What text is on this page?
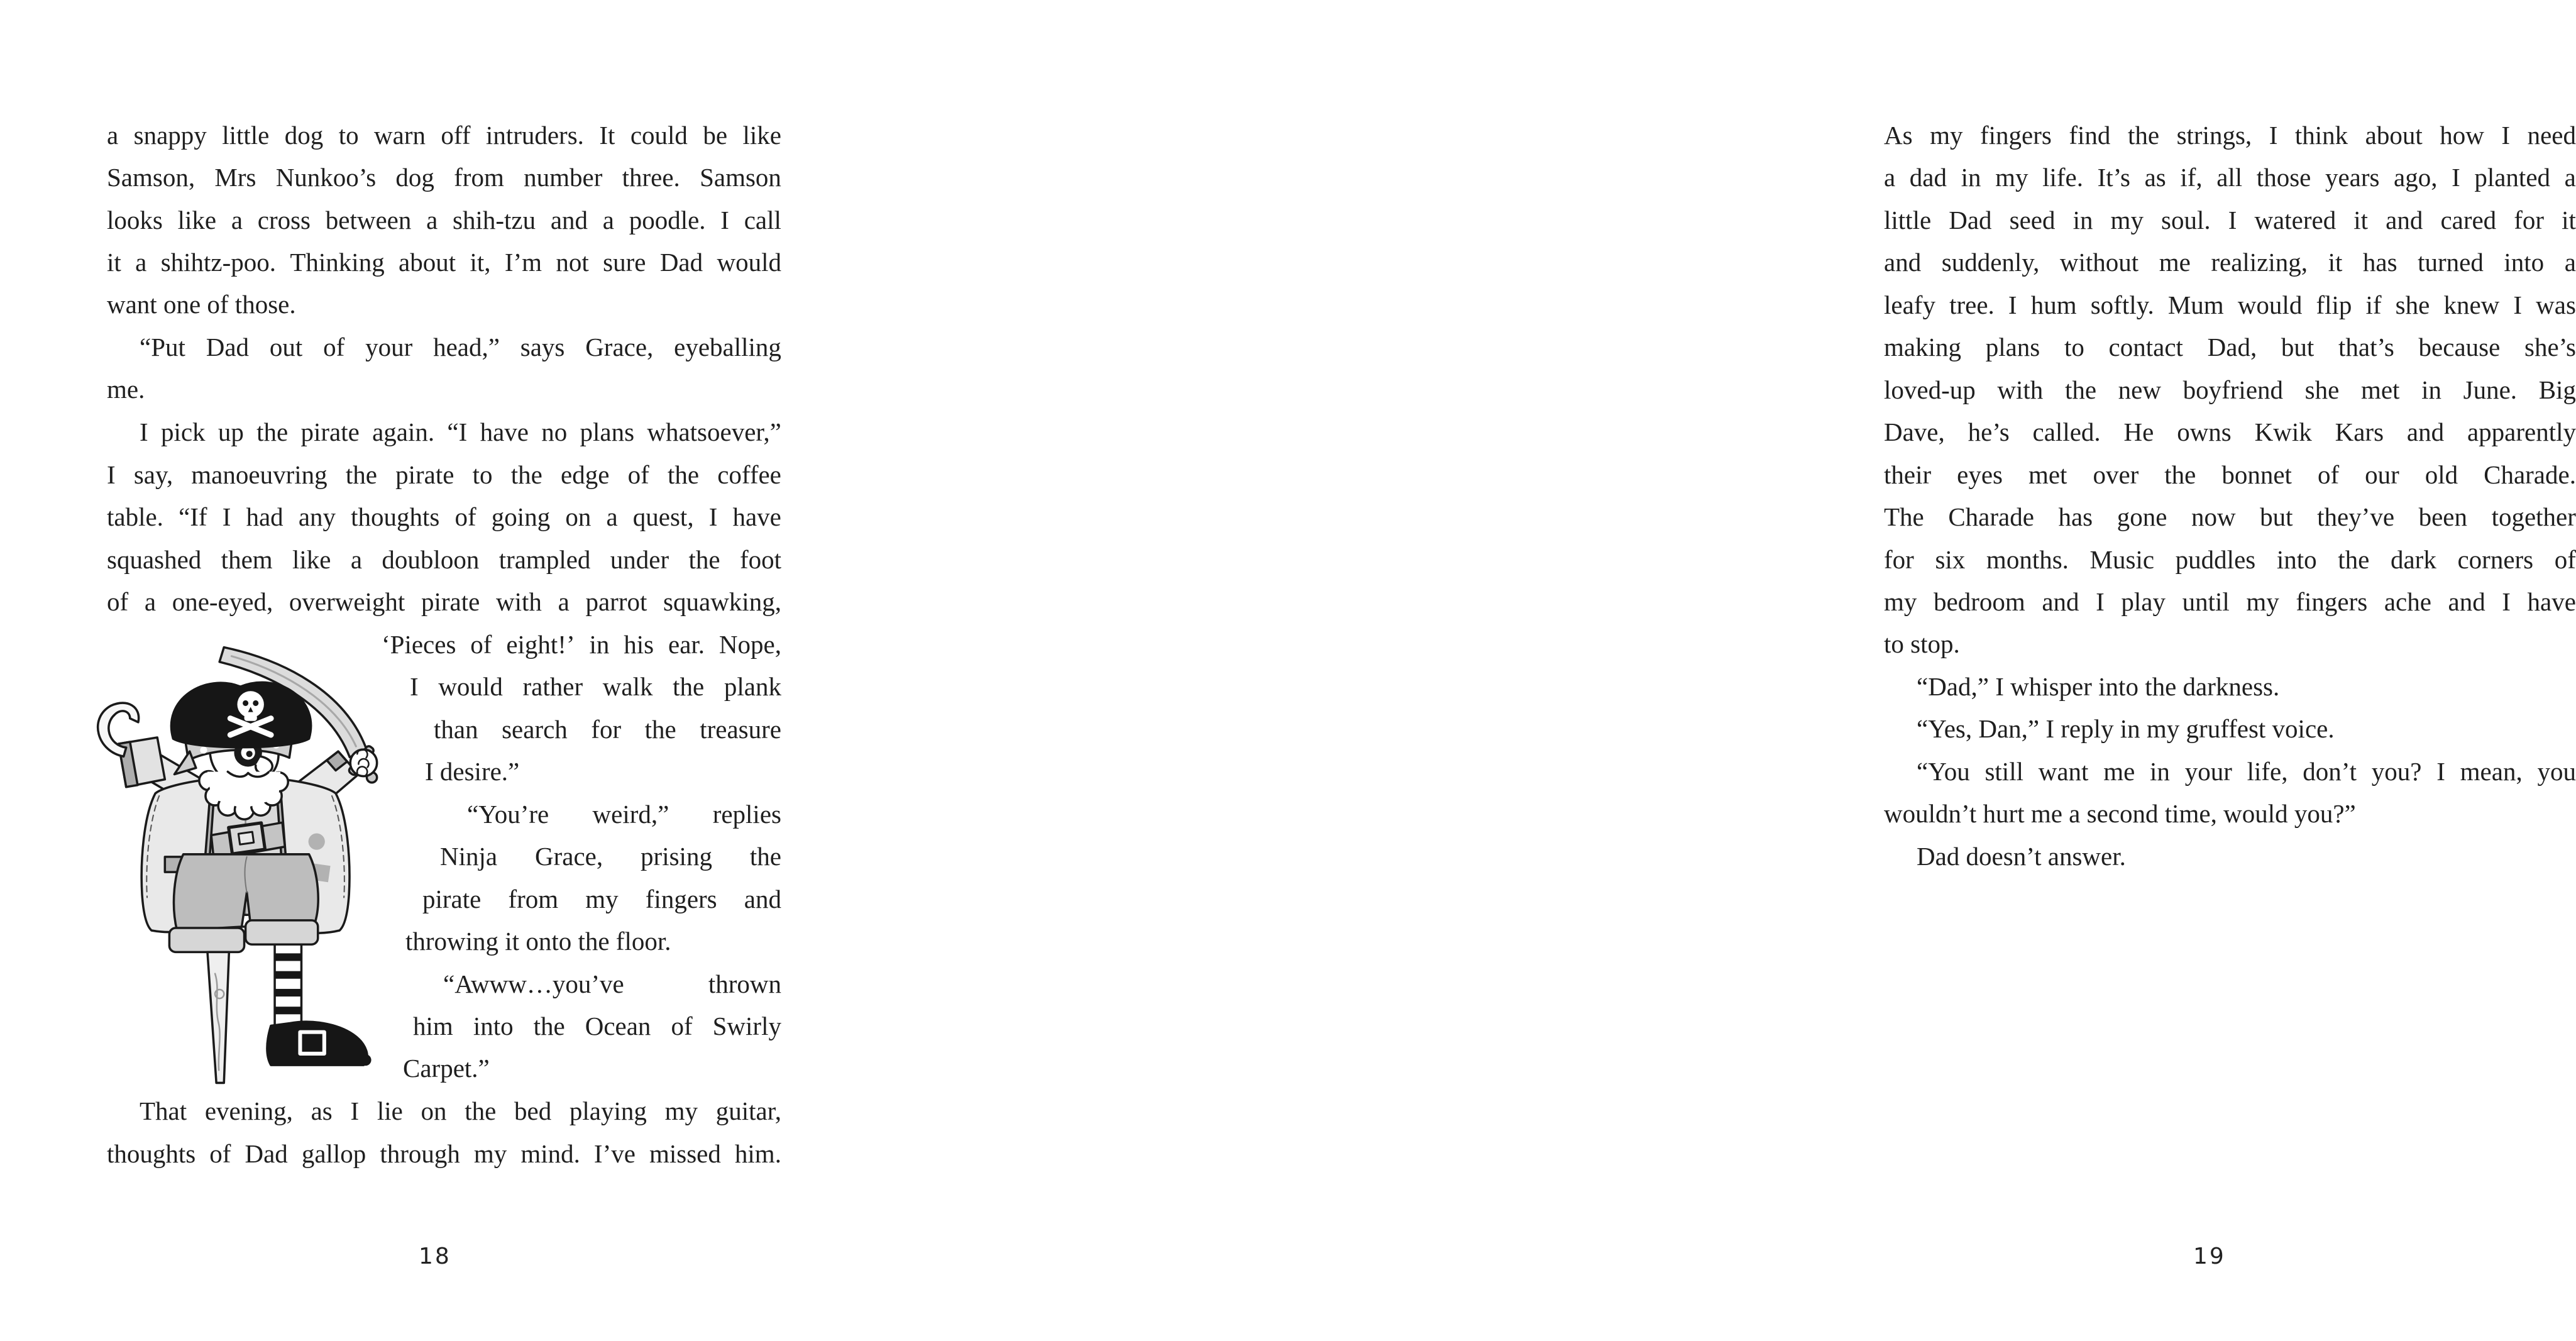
a snappy little dog to warn off intruders. It could be like
Samson, Mrs Nunkoo’s dog from number three. Samson
looks like a cross between a shih-tzu and a poodle. I call
it a shihtz-poo. Thinking about it, I’m not sure Dad would
want one of those.
“Put Dad out of your head,” says Grace, eyeballing
me.
I pick up the pirate again. “I have no plans whatsoever,”
I say, manoeuvring the pirate to the edge of the coffee
table. “If I had any thoughts of going on a quest, I have
squashed them like a doubloon trampled under the foot
of a one-eyed, overweight pirate with a parrot squawking,
‘Pieces of eight!’ in his ear. Nope,
I would rather walk the plank
than search for the treasure
I desire.”
“You’re weird,” replies
Ninja Grace, prising the
pirate from my fingers and
throwing it onto the floor.
“Awww…you’ve	thrown
him into the Ocean of Swirly
Carpet.”
That evening, as I lie on the bed playing my guitar,
thoughts of Dad gallop through my mind. I’ve missed him.
18
As my fingers find the strings, I think about how I need
a dad in my life. It’s as if, all those years ago, I planted a
little Dad seed in my soul. I watered it and cared for it
and suddenly, without me realizing, it has turned into a
leafy tree. I hum softly. Mum would flip if she knew I was
making plans to contact Dad, but that’s because she’s
loved-up with the new boyfriend she met in June. Big
Dave, he’s called. He owns Kwik Kars and apparently
their eyes met over the bonnet of our old Charade.
The Charade has gone now but they’ve been together
for six months. Music puddles into the dark corners of
my bedroom and I play until my fingers ache and I have
to stop.
“Dad,” I whisper into the darkness.
“Yes, Dan,” I reply in my gruffest voice.
“You still want me in your life, don’t you? I mean, you
wouldn’t hurt me a second time, would you?”
Dad doesn’t answer.
19
